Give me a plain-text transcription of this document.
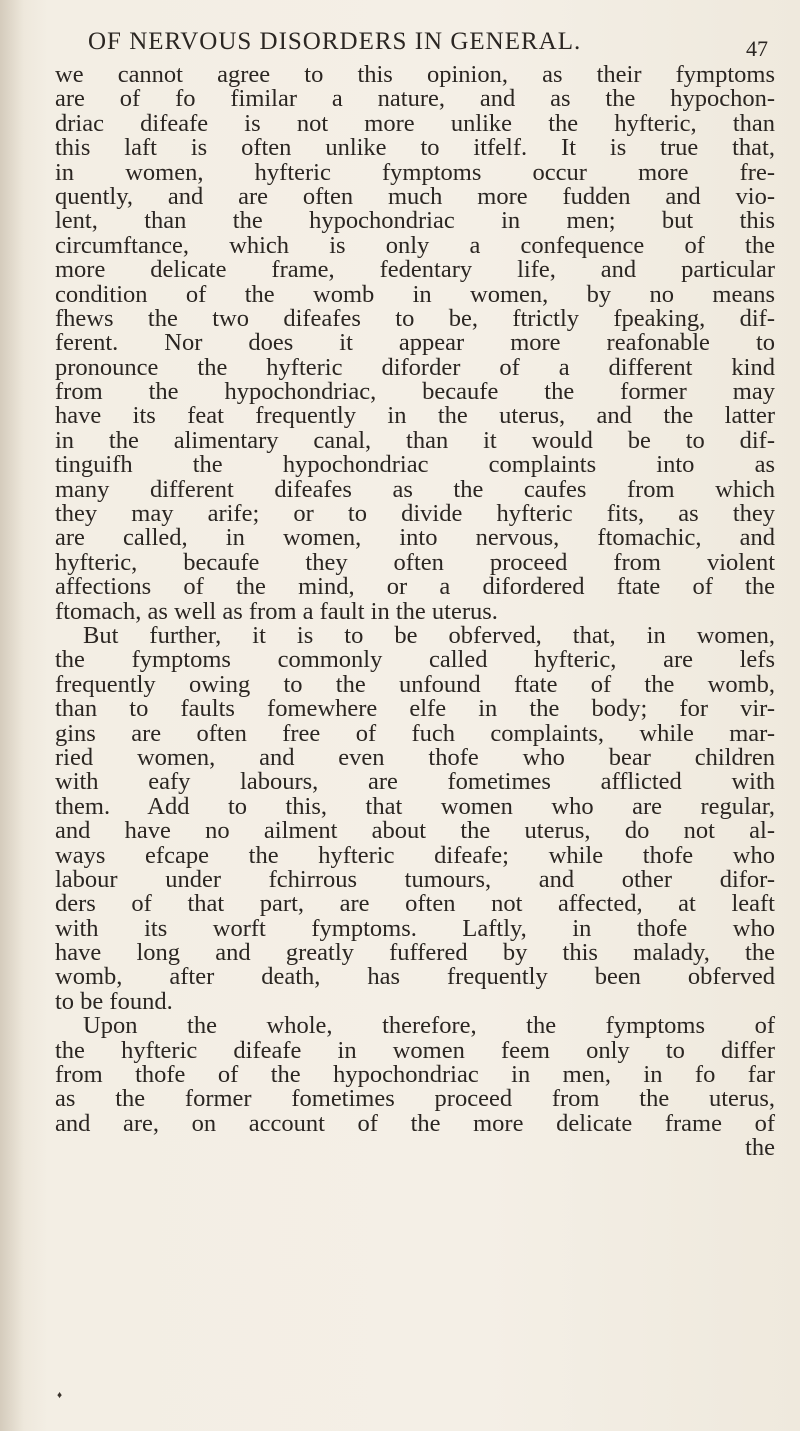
OF NERVOUS DISORDERS IN GENERAL.	47
we cannot agree to this opinion, as their fymptoms
are of fo fimilar a nature, and as the hypochon-
driac difeafe is not more unlike the hyfteric, than
this laft is often unlike to itfelf. It is true that,
in women, hyfteric fymptoms occur more fre-
quently, and are often much more fudden and vio-
lent, than the hypochondriac in men; but this
circumftance, which is only a confequence of the
more delicate frame, fedentary life, and particular
condition of the womb in women, by no means
fhews the two difeafes to be, ftrictly fpeaking, dif-
ferent. Nor does it appear more reafonable to
pronounce the hyfteric diforder of a different kind
from the hypochondriac, becaufe the former may
have its feat frequently in the uterus, and the latter
in the alimentary canal, than it would be to dif-
tinguifh the hypochondriac complaints into as
many different difeafes as the caufes from which
they may arife; or to divide hyfteric fits, as they
are called, in women, into nervous, ftomachic, and
hyfteric, becaufe they often proceed from violent
affections of the mind, or a difordered ftate of the
ftomach, as well as from a fault in the uterus.
But further, it is to be obferved, that, in women,
the fymptoms commonly called hyfteric, are lefs
frequently owing to the unfound ftate of the womb,
than to faults fomewhere elfe in the body; for vir-
gins are often free of fuch complaints, while mar-
ried women, and even thofe who bear children
with eafy labours, are fometimes afflicted with
them. Add to this, that women who are regular,
and have no ailment about the uterus, do not al-
ways efcape the hyfteric difeafe; while thofe who
labour under fchirrous tumours, and other difor-
ders of that part, are often not affected, at leaft
with its worft fymptoms. Laftly, in thofe who
have long and greatly fuffered by this malady, the
womb, after death, has frequently been obferved
to be found.
Upon the whole, therefore, the fymptoms of
the hyfteric difeafe in women feem only to differ
from thofe of the hypochondriac in men, in fo far
as the former fometimes proceed from the uterus,
and are, on account of the more delicate frame of
the
♦
